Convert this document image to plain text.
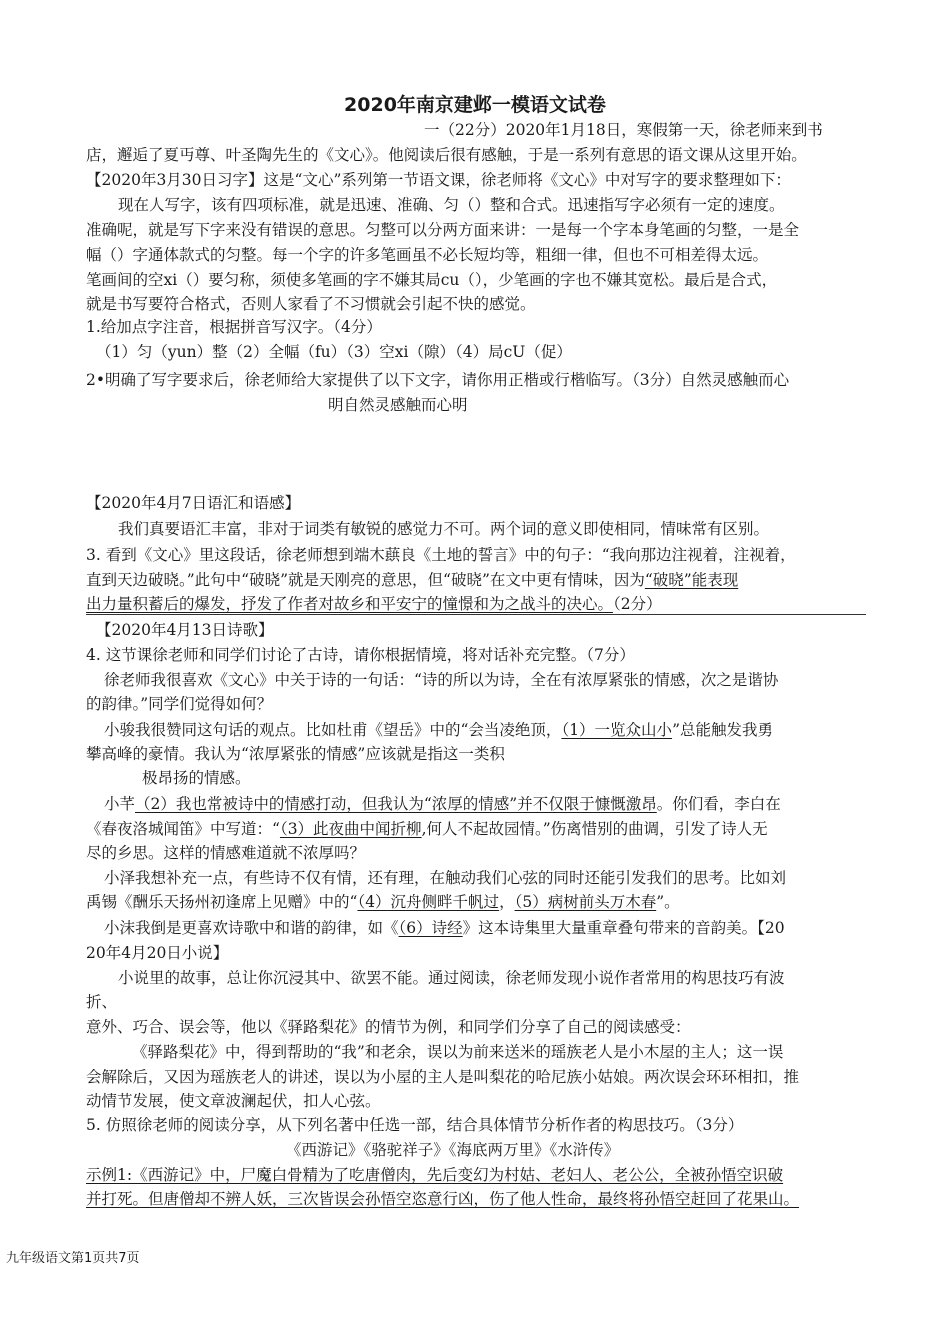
2020年南京建邺一模语文试卷
一（22分）2020年1月18日，寒假第一天，徐老师来到书
店，邂逅了夏丏尊、叶圣陶先生的《文心》。他阅读后很有感触，于是一系列有意思的语文课从这里开始。
【2020年3月30日习字】这是“文心”系列第一节语文课，徐老师将《文心》中对写字的要求整理如下：
现在人写字，该有四项标准，就是迅速、准确、匀（）整和合式。迅速指写字必须有一定的速度。
准确呢，就是写下字来没有错误的意思。匀整可以分两方面来讲：一是每一个字本身笔画的匀整，一是全
幅（）字通体款式的匀整。每一个字的许多笔画虽不必长短均等，粗细一律，但也不可相差得太远。
笔画间的空xi（）要匀称，须使多笔画的字不嫌其局cu（），少笔画的字也不嫌其宽松。最后是合式，
就是书写要符合格式，否则人家看了不习惯就会引起不快的感觉。
1.给加点字注音，根据拼音写汉字。（4分）
（1）匀（yun）整（2）全幅（fu）（3）空xi（隙）（4）局cU（促）
2•明确了写字要求后，徐老师给大家提供了以下文字，请你用正楷或行楷临写。（3分）自然灵感触而心
明自然灵感触而心明
【2020年4月7日语汇和语感】
我们真要语汇丰富，非对于词类有敏锐的感觉力不可。两个词的意义即使相同，情味常有区别。
3. 看到《文心》里这段话，徐老师想到端木蕻良《土地的誓言》中的句子：“我向那边注视着，注视着，
直到天边破晓。”此句中“破晓”就是天刚亮的意思，但“破晓”在文中更有情味，因为“破晓”能表现
出力量积蓄后的爆发，抒发了作者对故乡和平安宁的憧憬和为之战斗的决心。（2分）
【2020年4月13日诗歌】
4. 这节课徐老师和同学们讨论了古诗，请你根据情境，将对话补充完整。（7分）
徐老师我很喜欢《文心》中关于诗的一句话：“诗的所以为诗，全在有浓厚紧张的情感，次之是谐协
的韵律。”同学们觉得如何？
小骏我很赞同这句话的观点。比如杜甫《望岳》中的“会当凌绝顶，（1）一览众山小”总能触发我勇
攀高峰的豪情。我认为“浓厚紧张的情感”应该就是指这一类积
极昂扬的情感。
小芊（2）我也常被诗中的情感打动，但我认为“浓厚的情感”并不仅限于慷慨激昂。你们看，李白在
《春夜洛城闻笛》中写道：“（3）此夜曲中闻折柳,何人不起故园情。”伤离惜别的曲调，引发了诗人无
尽的乡思。这样的情感难道就不浓厚吗？
小泽我想补充一点，有些诗不仅有情，还有理，在触动我们心弦的同时还能引发我们的思考。比如刘
禹锡《酬乐天扬州初逢席上见赠》中的“（4）沉舟侧畔千帆过，（5）病树前头万木春”。
小沫我倒是更喜欢诗歌中和谐的韵律，如《（6）诗经》这本诗集里大量重章叠句带来的音韵美。【20
20年4月20日小说】
小说里的故事，总让你沉浸其中、欲罢不能。通过阅读，徐老师发现小说作者常用的构思技巧有波
折、
意外、巧合、误会等，他以《驿路梨花》的情节为例，和同学们分享了自己的阅读感受：
《驿路梨花》中，得到帮助的“我”和老余，误以为前来送米的瑶族老人是小木屋的主人；这一误
会解除后，又因为瑶族老人的讲述，误以为小屋的主人是叫梨花的哈尼族小姑娘。两次误会环环相扣，推
动情节发展，使文章波澜起伏，扣人心弦。
5. 仿照徐老师的阅读分享，从下列名著中任选一部，结合具体情节分析作者的构思技巧。（3分）
《西游记》《骆驼祥子》《海底两万里》《水浒传》
示例1:《西游记》中，尸魔白骨精为了吃唐僧肉，先后变幻为村姑、老妇人、老公公，全被孙悟空识破
并打死。但唐僧却不辨人妖，三次皆误会孙悟空恣意行凶，伤了他人性命，最终将孙悟空赶回了花果山。
九年级语文第1页共7页
